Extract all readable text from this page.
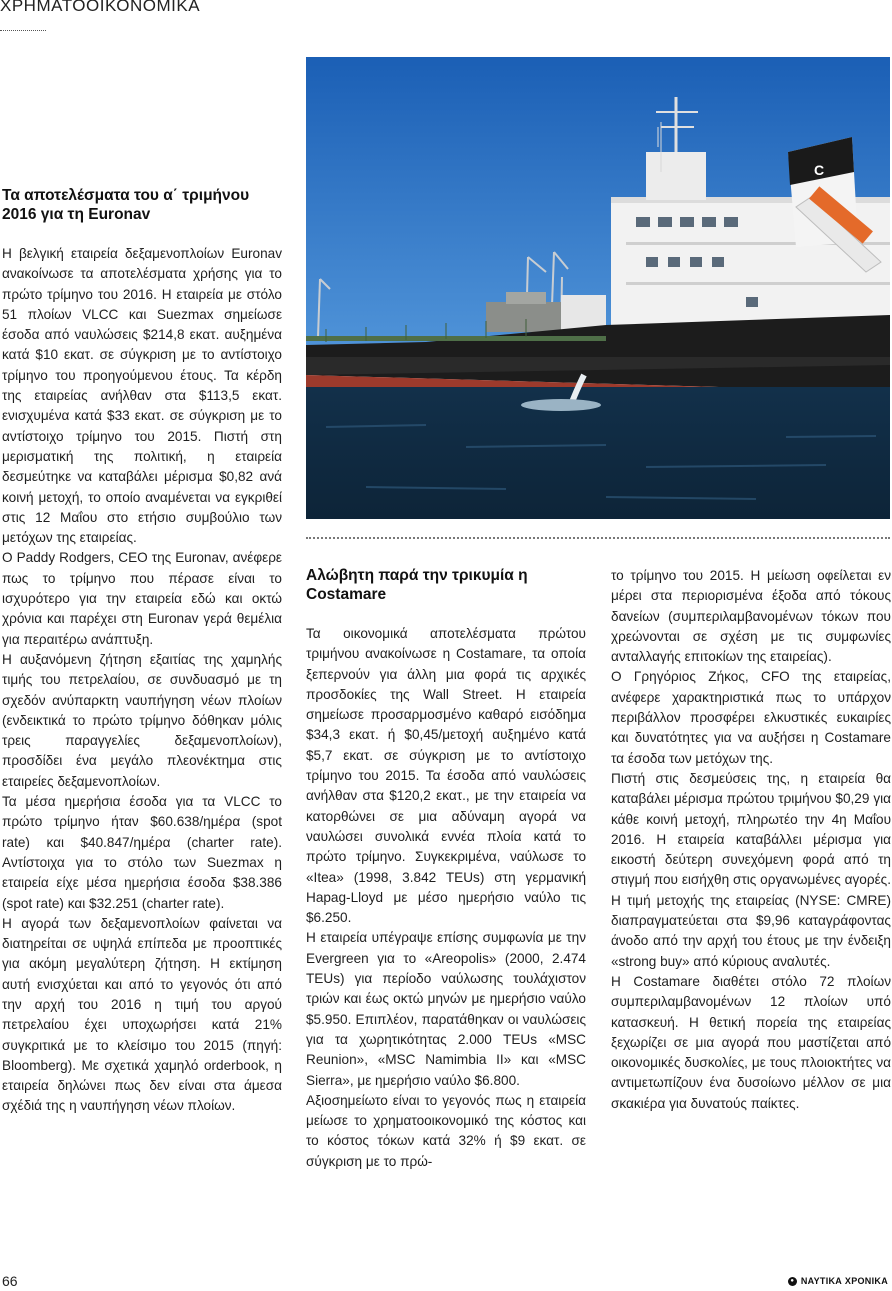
ΧΡΗΜΑΤΟΟΙΚΟΝΟΜΙΚΑ
C
Τα αποτελέσματα του α΄ τριμήνου 2016 για τη Euronav

Η βελγική εταιρεία δεξαμενοπλοίων Euronav ανακοίνωσε τα αποτελέσματα χρήσης για το πρώτο τρίμηνο του 2016. Η εταιρεία με στόλο 51 πλοίων VLCC και Suezmax σημείωσε έσοδα από ναυλώσεις $214,8 εκατ. αυξημένα κατά $10 εκατ. σε σύγκριση με το αντίστοιχο τρίμηνο του προηγούμενου έτους. Τα κέρδη της εταιρείας ανήλθαν στα $113,5 εκατ. ενισχυμένα κατά $33 εκατ. σε σύγκριση με το αντίστοιχο τρίμηνο του 2015. Πιστή στη μερισματική της πολιτική, η εταιρεία δεσμεύτηκε να καταβάλει μέρισμα $0,82 ανά κοινή μετοχή, το οποίο αναμένεται να εγκριθεί στις 12 Μαΐου στο ετήσιο συμβούλιο των μετόχων της εταιρείας.

Ο Paddy Rodgers, CEO της Euronav, ανέφερε πως το τρίμηνο που πέρασε είναι το ισχυρότερο για την εταιρεία εδώ και οκτώ χρόνια και παρέχει στη Euronav γερά θεμέλια για περαιτέρω ανάπτυξη.

Η αυξανόμενη ζήτηση εξαιτίας της χαμηλής τιμής του πετρελαίου, σε συνδυασμό με τη σχεδόν ανύπαρκτη ναυπήγηση νέων πλοίων (ενδεικτικά το πρώτο τρίμηνο δόθηκαν μόλις τρεις παραγγελίες δεξαμενοπλοίων), προσδίδει ένα μεγάλο πλεονέκτημα στις εταιρείες δεξαμενοπλοίων.

Τα μέσα ημερήσια έσοδα για τα VLCC το πρώτο τρίμηνο ήταν $60.638/ημέρα (spot rate) και $40.847/ημέρα (charter rate). Αντίστοιχα για το στόλο των Suezmax η εταιρεία είχε μέσα ημερήσια έσοδα $38.386 (spot rate) και $32.251 (charter rate).

Η αγορά των δεξαμενοπλοίων φαίνεται να διατηρείται σε υψηλά επίπεδα με προοπτικές για ακόμη μεγαλύτερη ζήτηση. Η εκτίμηση αυτή ενισχύεται και από το γεγονός ότι από την αρχή του 2016 η τιμή του αργού πετρελαίου έχει υποχωρήσει κατά 21% συγκριτικά με το κλείσιμο του 2015 (πηγή: Bloomberg). Με σχετικά χαμηλό orderbook, η εταιρεία δηλώνει πως δεν είναι στα άμεσα σχέδιά της η ναυπήγηση νέων πλοίων.

Αλώβητη παρά την τρικυμία η Costamare

Τα οικονομικά αποτελέσματα πρώτου τριμήνου ανακοίνωσε η Costamare, τα οποία ξεπερνούν για άλλη μια φορά τις αρχικές προσδοκίες της Wall Street. Η εταιρεία σημείωσε προσαρμοσμένο καθαρό εισόδημα $34,3 εκατ. ή $0,45/μετοχή αυξημένο κατά $5,7 εκατ. σε σύγκριση με το αντίστοιχο τρίμηνο του 2015. Τα έσοδα από ναυλώσεις ανήλθαν στα $120,2 εκατ., με την εταιρεία να κατορθώνει σε μια αδύναμη αγορά να ναυλώσει συνολικά εννέα πλοία κατά το πρώτο τρίμηνο. Συγκεκριμένα, ναύλωσε το «Itea» (1998, 3.842 TEUs) στη γερμανική Hapag-Lloyd με μέσο ημερήσιο ναύλο τις $6.250.

Η εταιρεία υπέγραψε επίσης συμφωνία με την Evergreen για το «Areopolis» (2000, 2.474 TEUs) για περίοδο ναύλωσης τουλάχιστον τριών και έως οκτώ μηνών με ημερήσιο ναύλο $5.950. Επιπλέον, παρατάθηκαν οι ναυλώσεις για τα χωρητικότητας 2.000 TEUs «MSC Reunion», «MSC Namimbia II» και «MSC Sierra», με ημερήσιο ναύλο $6.800.

Αξιοσημείωτο είναι το γεγονός πως η εταιρεία μείωσε το χρηματοοικονομικό της κόστος και το κόστος τόκων κατά 32% ή $9 εκατ. σε σύγκριση με το πρώ-

το τρίμηνο του 2015. Η μείωση οφείλεται εν μέρει στα περιορισμένα έξοδα από τόκους δανείων (συμπεριλαμβανομένων τόκων που χρεώνονται σε σχέση με τις συμφωνίες ανταλλαγής επιτοκίων της εταιρείας).

Ο Γρηγόριος Ζήκος, CFO της εταιρείας, ανέφερε χαρακτηριστικά πως το υπάρχον περιβάλλον προσφέρει ελκυστικές ευκαιρίες και δυνατότητες για να αυξήσει η Costamare τα έσοδα των μετόχων της.

Πιστή στις δεσμεύσεις της, η εταιρεία θα καταβάλει μέρισμα πρώτου τριμήνου $0,29 για κάθε κοινή μετοχή, πληρωτέο την 4η Μαΐου 2016. Η εταιρεία καταβάλλει μέρισμα για εικοστή δεύτερη συνεχόμενη φορά από τη στιγμή που εισήχθη στις οργανωμένες αγορές. Η τιμή μετοχής της εταιρείας (NYSE: CMRE) διαπραγματεύεται στα $9,96 καταγράφοντας άνοδο από την αρχή του έτους με την ένδειξη «strong buy» από κύριους αναλυτές.

Η Costamare διαθέτει στόλο 72 πλοίων συμπεριλαμβανομένων 12 πλοίων υπό κατασκευή. Η θετική πορεία της εταιρείας ξεχωρίζει σε μια αγορά που μαστίζεται από οικονομικές δυσκολίες, με τους πλοιοκτήτες να αντιμετωπίζουν ένα δυσοίωνο μέλλον σε μια σκακιέρα για δυνατούς παίκτες.

66	● ΝΑΥΤΙΚΑ ΧΡΟΝΙΚΑ
